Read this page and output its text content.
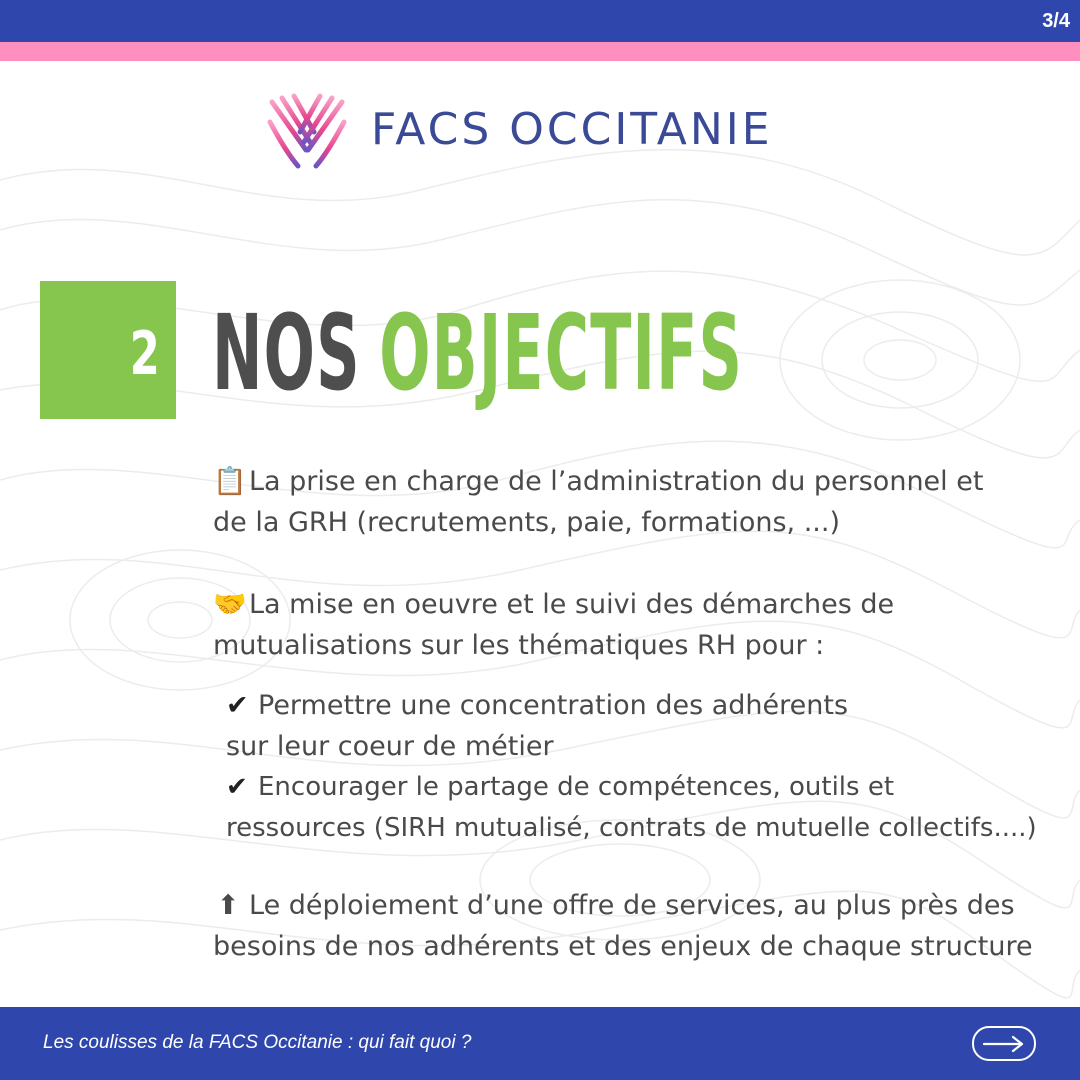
3/4
FACS OCCITANIE
2 NOS OBJECTIFS
📋La prise en charge de l’administration du personnel et
de la GRH (recrutements, paie, formations, ...)
🤝La mise en oeuvre et le suivi des démarches de
mutualisations sur les thématiques RH pour :
✔ Permettre une concentration des adhérents
sur leur coeur de métier
✔ Encourager le partage de compétences, outils et
ressources (SIRH mutualisé, contrats de mutuelle collectifs....)
⬆ Le déploiement d’une offre de services, au plus près des
besoins de nos adhérents et des enjeux de chaque structure
Les coulisses de la FACS Occitanie : qui fait quoi ?
